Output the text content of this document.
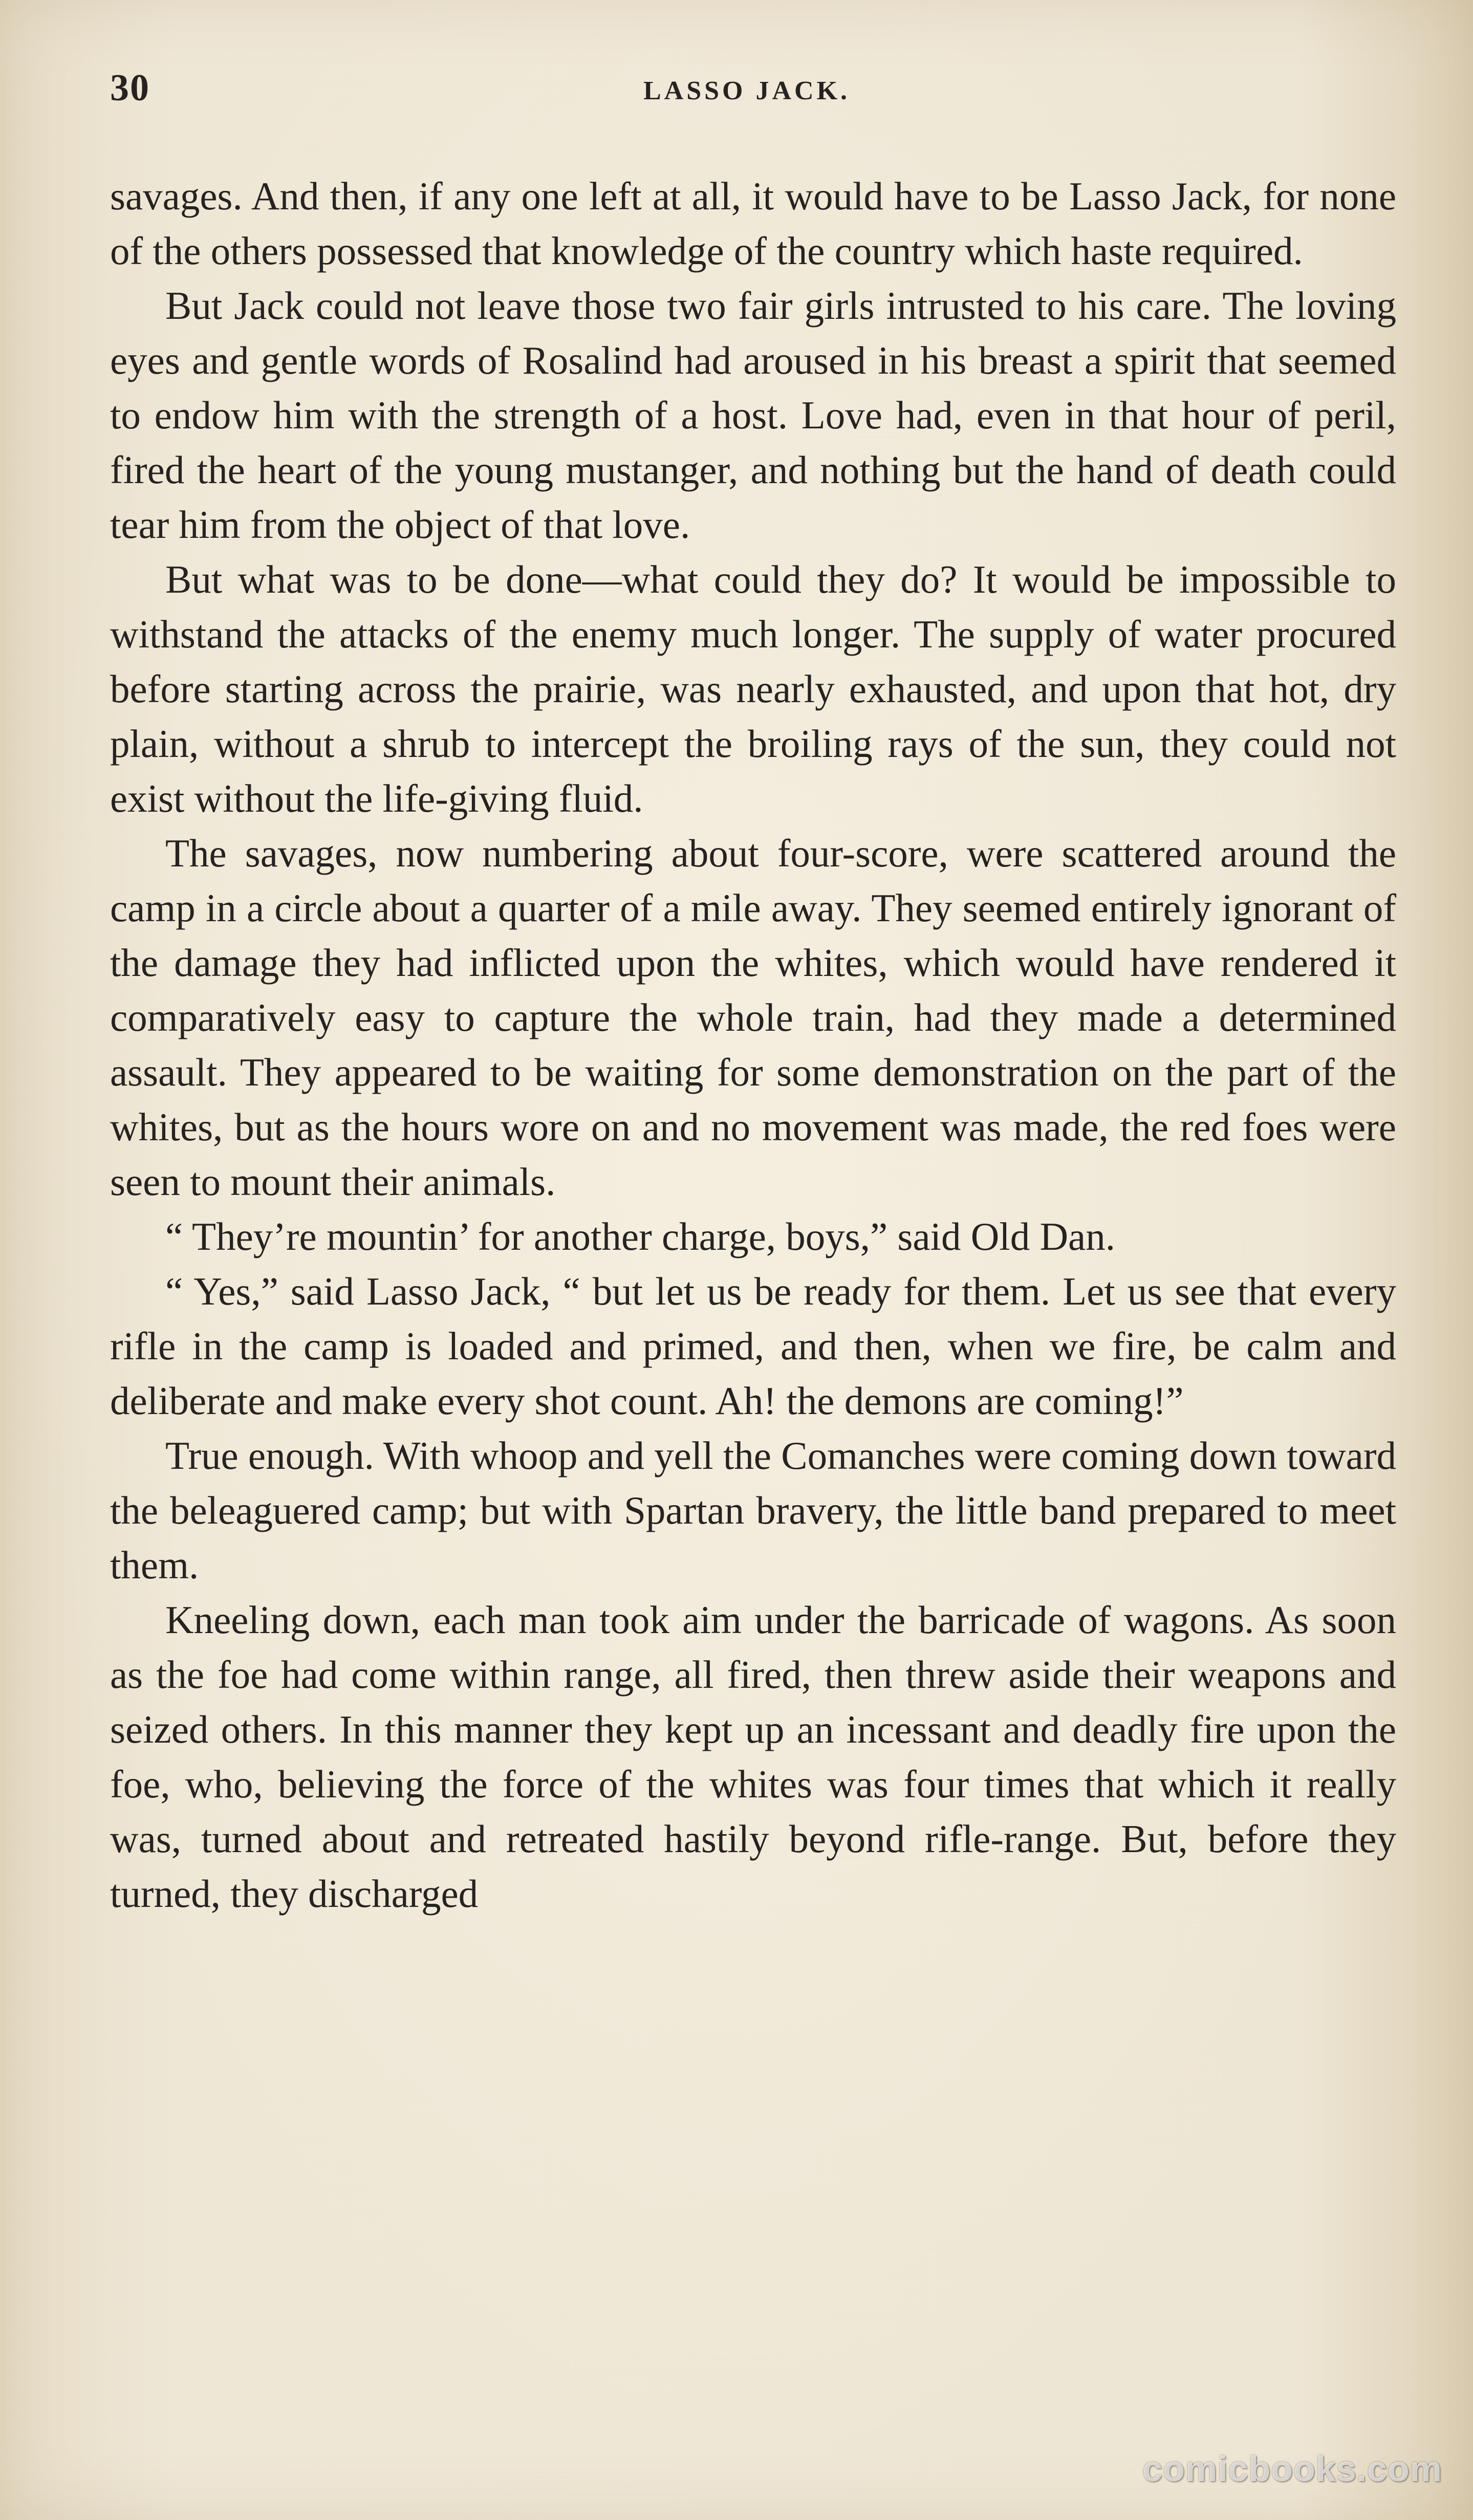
30	LASSO JACK.

savages. And then, if any one left at all, it would have to be Lasso Jack, for none of the others possessed that knowledge of the country which haste required.

But Jack could not leave those two fair girls intrusted to his care. The loving eyes and gentle words of Rosalind had aroused in his breast a spirit that seemed to endow him with the strength of a host. Love had, even in that hour of peril, fired the heart of the young mustanger, and nothing but the hand of death could tear him from the object of that love.

But what was to be done—what could they do? It would be impossible to withstand the attacks of the enemy much longer. The supply of water procured before starting across the prairie, was nearly exhausted, and upon that hot, dry plain, without a shrub to intercept the broiling rays of the sun, they could not exist without the life-giving fluid.

The savages, now numbering about four-score, were scattered around the camp in a circle about a quarter of a mile away. They seemed entirely ignorant of the damage they had inflicted upon the whites, which would have rendered it comparatively easy to capture the whole train, had they made a determined assault. They appeared to be waiting for some demonstration on the part of the whites, but as the hours wore on and no movement was made, the red foes were seen to mount their animals.

“ They’re mountin’ for another charge, boys,” said Old Dan.

“ Yes,” said Lasso Jack, “ but let us be ready for them. Let us see that every rifle in the camp is loaded and primed, and then, when we fire, be calm and deliberate and make every shot count. Ah! the demons are coming!”

True enough. With whoop and yell the Comanches were coming down toward the beleaguered camp; but with Spartan bravery, the little band prepared to meet them.

Kneeling down, each man took aim under the barricade of wagons. As soon as the foe had come within range, all fired, then threw aside their weapons and seized others. In this manner they kept up an incessant and deadly fire upon the foe, who, believing the force of the whites was four times that which it really was, turned about and retreated hastily beyond rifle-range. But, before they turned, they discharged

comicbooks.com
